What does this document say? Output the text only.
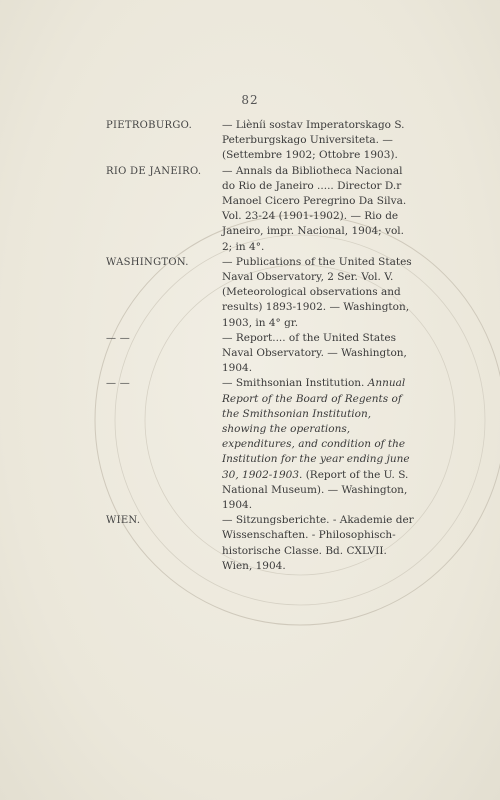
82
PIETROBURGO.	— Lièníi sostav Imperatorskago S. Peterburgskago Universiteta. — (Settembre 1902; Ottobre 1903).
RIO DE JANEIRO.	— Annals da Bibliotheca Nacional do Rio de Janeiro ..... Director D.r Manoel Cicero Peregrino Da Silva. Vol. 23-24 (1901-1902). — Rio de Janeiro, impr. Nacional, 1904; vol. 2; in 4°.
WASHINGTON.	— Publications of the United States Naval Observatory, 2 Ser. Vol. V. (Meteorological observations and results) 1893-1902. — Washington, 1903, in 4° gr.
— —	— Report.... of the United States Naval Observatory. — Washington, 1904.
— —	— Smithsonian Institution. Annual Report of the Board of Regents of the Smithsonian Institution, showing the operations, expenditures, and condition of the Institution for the year ending june 30, 1902-1903. (Report of the U. S. National Museum). — Washington, 1904.
WIEN.	— Sitzungsberichte. - Akademie der Wissenschaften. - Philosophisch-historische Classe. Bd. CXLVII. Wien, 1904.
